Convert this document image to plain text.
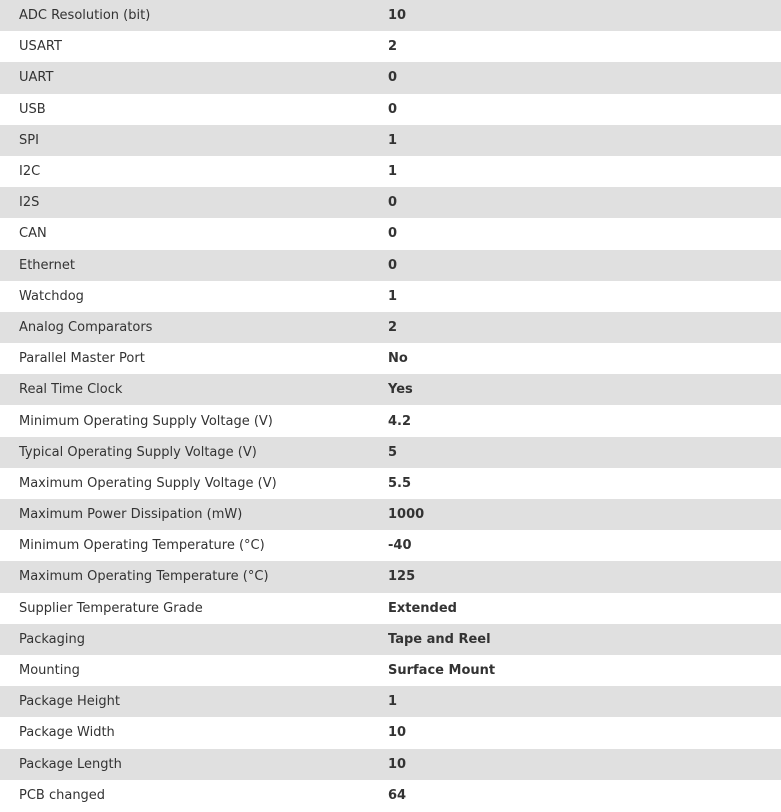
ADC Resolution (bit)	10
USART	2
UART	0
USB	0
SPI	1
I2C	1
I2S	0
CAN	0
Ethernet	0
Watchdog	1
Analog Comparators	2
Parallel Master Port	No
Real Time Clock	Yes
Minimum Operating Supply Voltage (V)	4.2
Typical Operating Supply Voltage (V)	5
Maximum Operating Supply Voltage (V)	5.5
Maximum Power Dissipation (mW)	1000
Minimum Operating Temperature (°C)	-40
Maximum Operating Temperature (°C)	125
Supplier Temperature Grade	Extended
Packaging	Tape and Reel
Mounting	Surface Mount
Package Height	1
Package Width	10
Package Length	10
PCB changed	64
